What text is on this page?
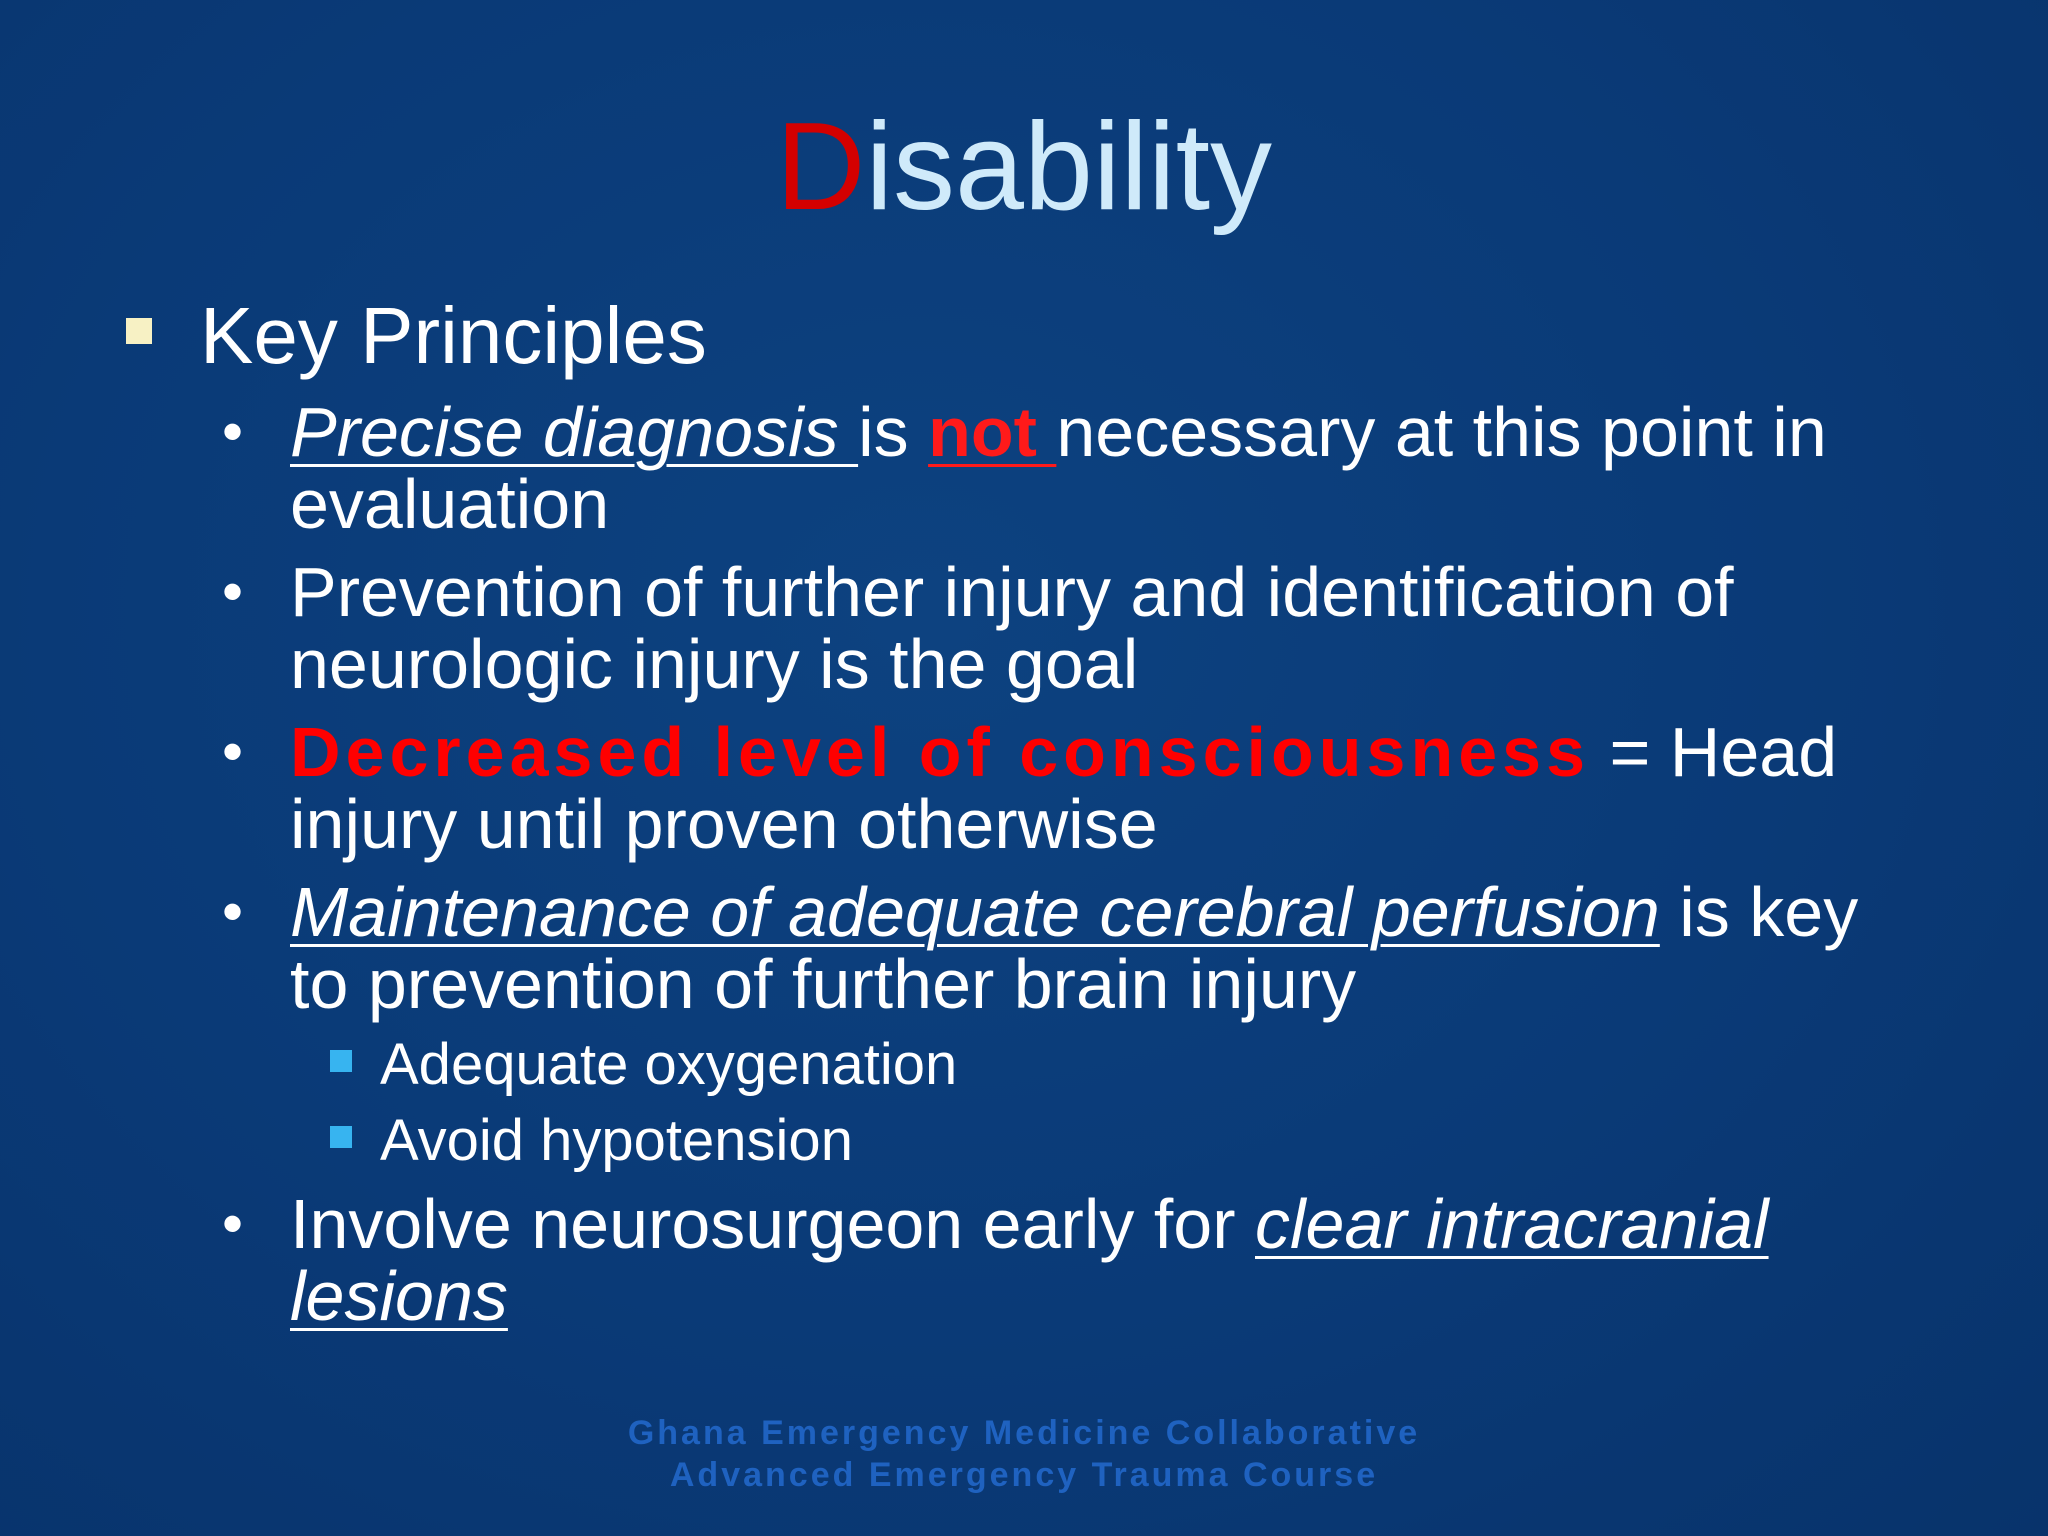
Disability
Key Principles
• Precise diagnosis is not necessary at this point in evaluation
• Prevention of further injury and identification of neurologic injury is the goal
• Decreased level of consciousness = Head injury until proven otherwise
• Maintenance of adequate cerebral perfusion is key to prevention of further brain injury
Adequate oxygenation
Avoid hypotension
• Involve neurosurgeon early for clear intracranial lesions
Ghana Emergency Medicine Collaborative
Advanced Emergency Trauma Course
